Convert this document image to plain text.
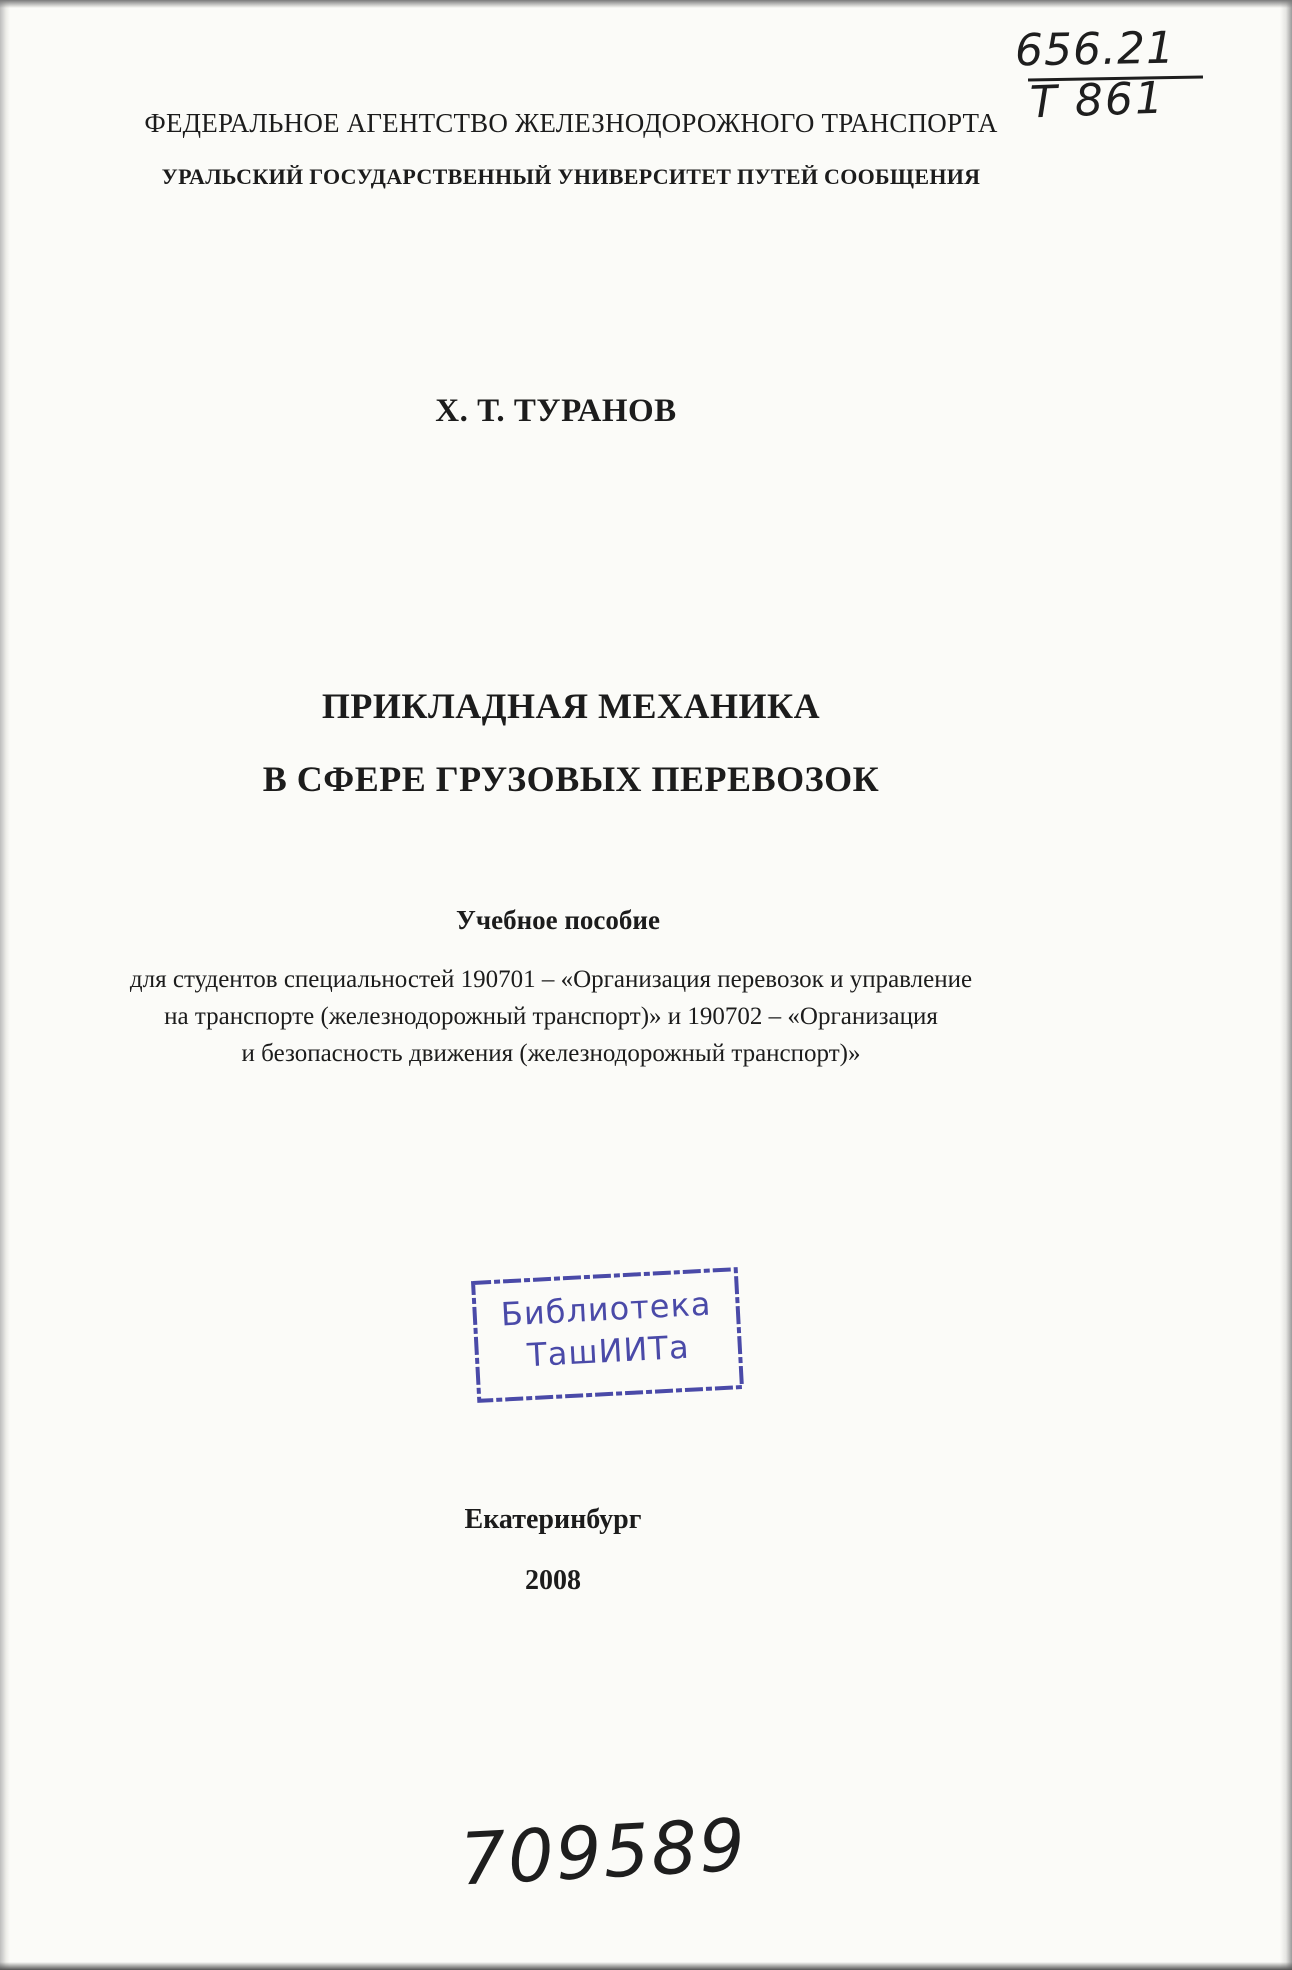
ФЕДЕРАЛЬНОЕ АГЕНТСТВО ЖЕЛЕЗНОДОРОЖНОГО ТРАНСПОРТА
УРАЛЬСКИЙ ГОСУДАРСТВЕННЫЙ УНИВЕРСИТЕТ ПУТЕЙ СООБЩЕНИЯ
Х. Т. ТУРАНОВ
ПРИКЛАДНАЯ МЕХАНИКА
В СФЕРЕ ГРУЗОВЫХ ПЕРЕВОЗОК
Учебное пособие
для студентов специальностей 190701 – «Организация перевозок и управление
на транспорте (железнодорожный транспорт)» и 190702 – «Организация
и безопасность движения (железнодорожный транспорт)»
Библиотека
ТашИИТа
Екатеринбург
2008
656.21
Т 861
709589
